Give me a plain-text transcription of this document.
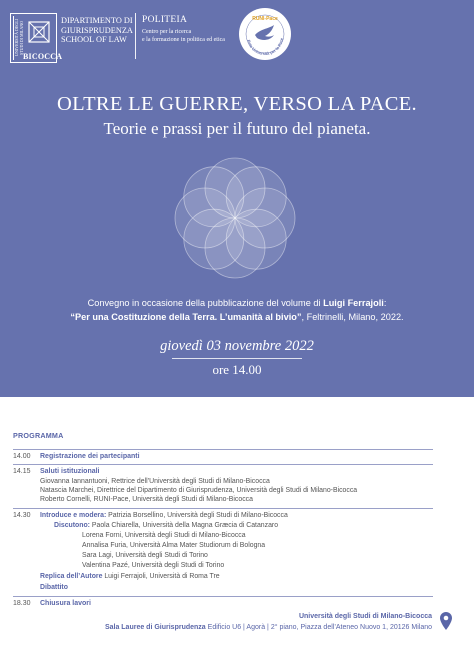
UNIVERSITÀ DEGLI STUDI DI MILANO
BICOCCA
DIPARTIMENTO DI
GIURISPRUDENZA
SCHOOL OF LAW
POLITEIA
Centro per la ricerca
e la formazione in politica ed etica	Rete Università per la Pace
RUNI-Pace
OLTRE LE GUERRE, VERSO LA PACE.
Teorie e prassi per il futuro del pianeta.
Convegno in occasione della pubblicazione del volume di Luigi Ferrajoli:
“Per una Costituzione della Terra. L’umanità al bivio”, Feltrinelli, Milano, 2022.
giovedì 03 novembre 2022
ore 14.00
PROGRAMMA
14.00 Registrazione dei partecipanti
14.15 Saluti istituzionali
Giovanna Iannantuoni, Rettrice dell’Università degli Studi di Milano-Bicocca
Natascia Marchei, Direttrice del Dipartimento di Giurisprudenza, Università degli Studi di Milano-Bicocca
Roberto Cornelli, RUNI-Pace, Università degli Studi di Milano-Bicocca
14.30 Introduce e modera: Patrizia Borsellino, Università degli Studi di Milano-Bicocca
Discutono: Paola Chiarella, Università della Magna Græcia di Catanzaro
Lorena Forni, Università degli Studi di Milano-Bicocca
Annalisa Furia, Università Alma Mater Studiorum di Bologna
Sara Lagi, Università degli Studi di Torino
Valentina Pazé, Università degli Studi di Torino
Replica dell’Autore Luigi Ferrajoli, Università di Roma Tre
Dibattito
18.30 Chiusura lavori
Università degli Studi di Milano-Bicocca
Sala Lauree di Giurisprudenza Edificio U6 | Agorà | 2° piano, Piazza dell’Ateneo Nuovo 1, 20126 Milano
